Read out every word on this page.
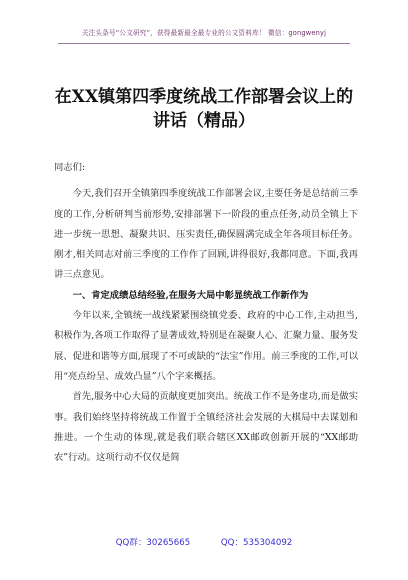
关注头条号“公文研究”，获得最新最全最专业的公文资料库！ 微信：gongwenyj
在XX镇第四季度统战工作部署会议上的
讲话（精品）

同志们:

今天,我们召开全镇第四季度统战工作部署会议,主要任务是总结前三季度的工作,分析研判当前形势,安排部署下一阶段的重点任务,动员全镇上下进一步统一思想、凝聚共识、压实责任,确保圆满完成全年各项目标任务。刚才,相关同志对前三季度的工作作了回顾,讲得很好,我都同意。下面,我再讲三点意见。

一、肯定成绩总结经验,在服务大局中彰显统战工作新作为

今年以来,全镇统一战线紧紧围绕镇党委、政府的中心工作,主动担当,积极作为,各项工作取得了显著成效,特别是在凝聚人心、汇聚力量、服务发展、促进和谐等方面,展现了不可或缺的“法宝”作用。前三季度的工作,可以用“亮点纷呈、成效凸显”八个字来概括。

首先,服务中心大局的贡献度更加突出。统战工作不是务虚功,而是做实事。我们始终坚持将统战工作置于全镇经济社会发展的大棋局中去谋划和推进。一个生动的体现,就是我们联合辖区XX邮政创新开展的“XX邮助农”行动。这项行动不仅仅是简

QQ群：30265665	QQ：535304092
